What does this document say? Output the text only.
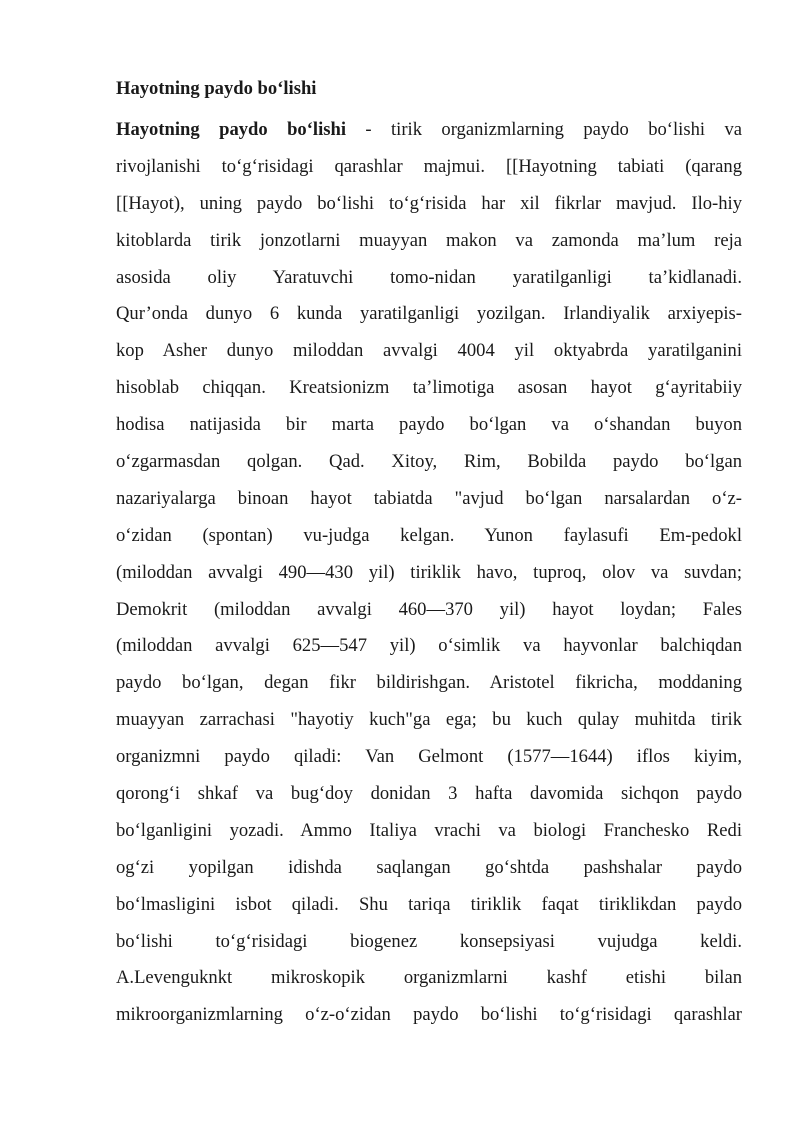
Hayotning paydo bo‘lishi
Hayotning paydo bo‘lishi - tirik organizmlarning paydo bo‘lishi va
rivojlanishi to‘g‘risidagi qarashlar majmui. [[Hayotning tabiati (qarang
[[Hayot), uning paydo bo‘lishi to‘g‘risida har xil fikrlar mavjud. Ilo-hiy
kitoblarda tirik jonzotlarni muayyan makon va zamonda ma’lum reja
asosida oliy Yaratuvchi tomo-nidan yaratilganligi ta’kidlanadi.
Qur’onda dunyo 6 kunda yaratilganligi yozilgan. Irlandiyalik arxiyepis-
kop Asher dunyo miloddan avvalgi 4004 yil oktyabrda yaratilganini
hisoblab chiqqan. Kreatsionizm ta’limotiga asosan hayot g‘ayritabiiy
hodisa natijasida bir marta paydo bo‘lgan va o‘shandan buyon
o‘zgarmasdan qolgan. Qad. Xitoy, Rim, Bobilda paydo bo‘lgan
nazariyalarga binoan hayot tabiatda "avjud bo‘lgan narsalardan o‘z-
o‘zidan (spontan) vu-judga kelgan. Yunon faylasufi Em-pedokl
(miloddan avvalgi 490—430 yil) tiriklik havo, tuproq, olov va suvdan;
Demokrit (miloddan avvalgi 460—370 yil) hayot loydan; Fales
(miloddan avvalgi 625—547 yil) o‘simlik va hayvonlar balchiqdan
paydo bo‘lgan, degan fikr bildirishgan. Aristotel fikricha, moddaning
muayyan zarrachasi "hayotiy kuch"ga ega; bu kuch qulay muhitda tirik
organizmni paydo qiladi: Van Gelmont (1577—1644) iflos kiyim,
qorong‘i shkaf va bug‘doy donidan 3 hafta davomida sichqon paydo
bo‘lganligini yozadi. Ammo Italiya vrachi va biologi Franchesko Redi
og‘zi yopilgan idishda saqlangan go‘shtda pashshalar paydo
bo‘lmasligini isbot qiladi. Shu tariqa tiriklik faqat tiriklikdan paydo
bo‘lishi to‘g‘risidagi biogenez konsepsiyasi vujudga keldi.
A.Levenguknkt mikroskopik organizmlarni kashf etishi bilan
mikroorganizmlarning o‘z-o‘zidan paydo bo‘lishi to‘g‘risidagi qarashlar
